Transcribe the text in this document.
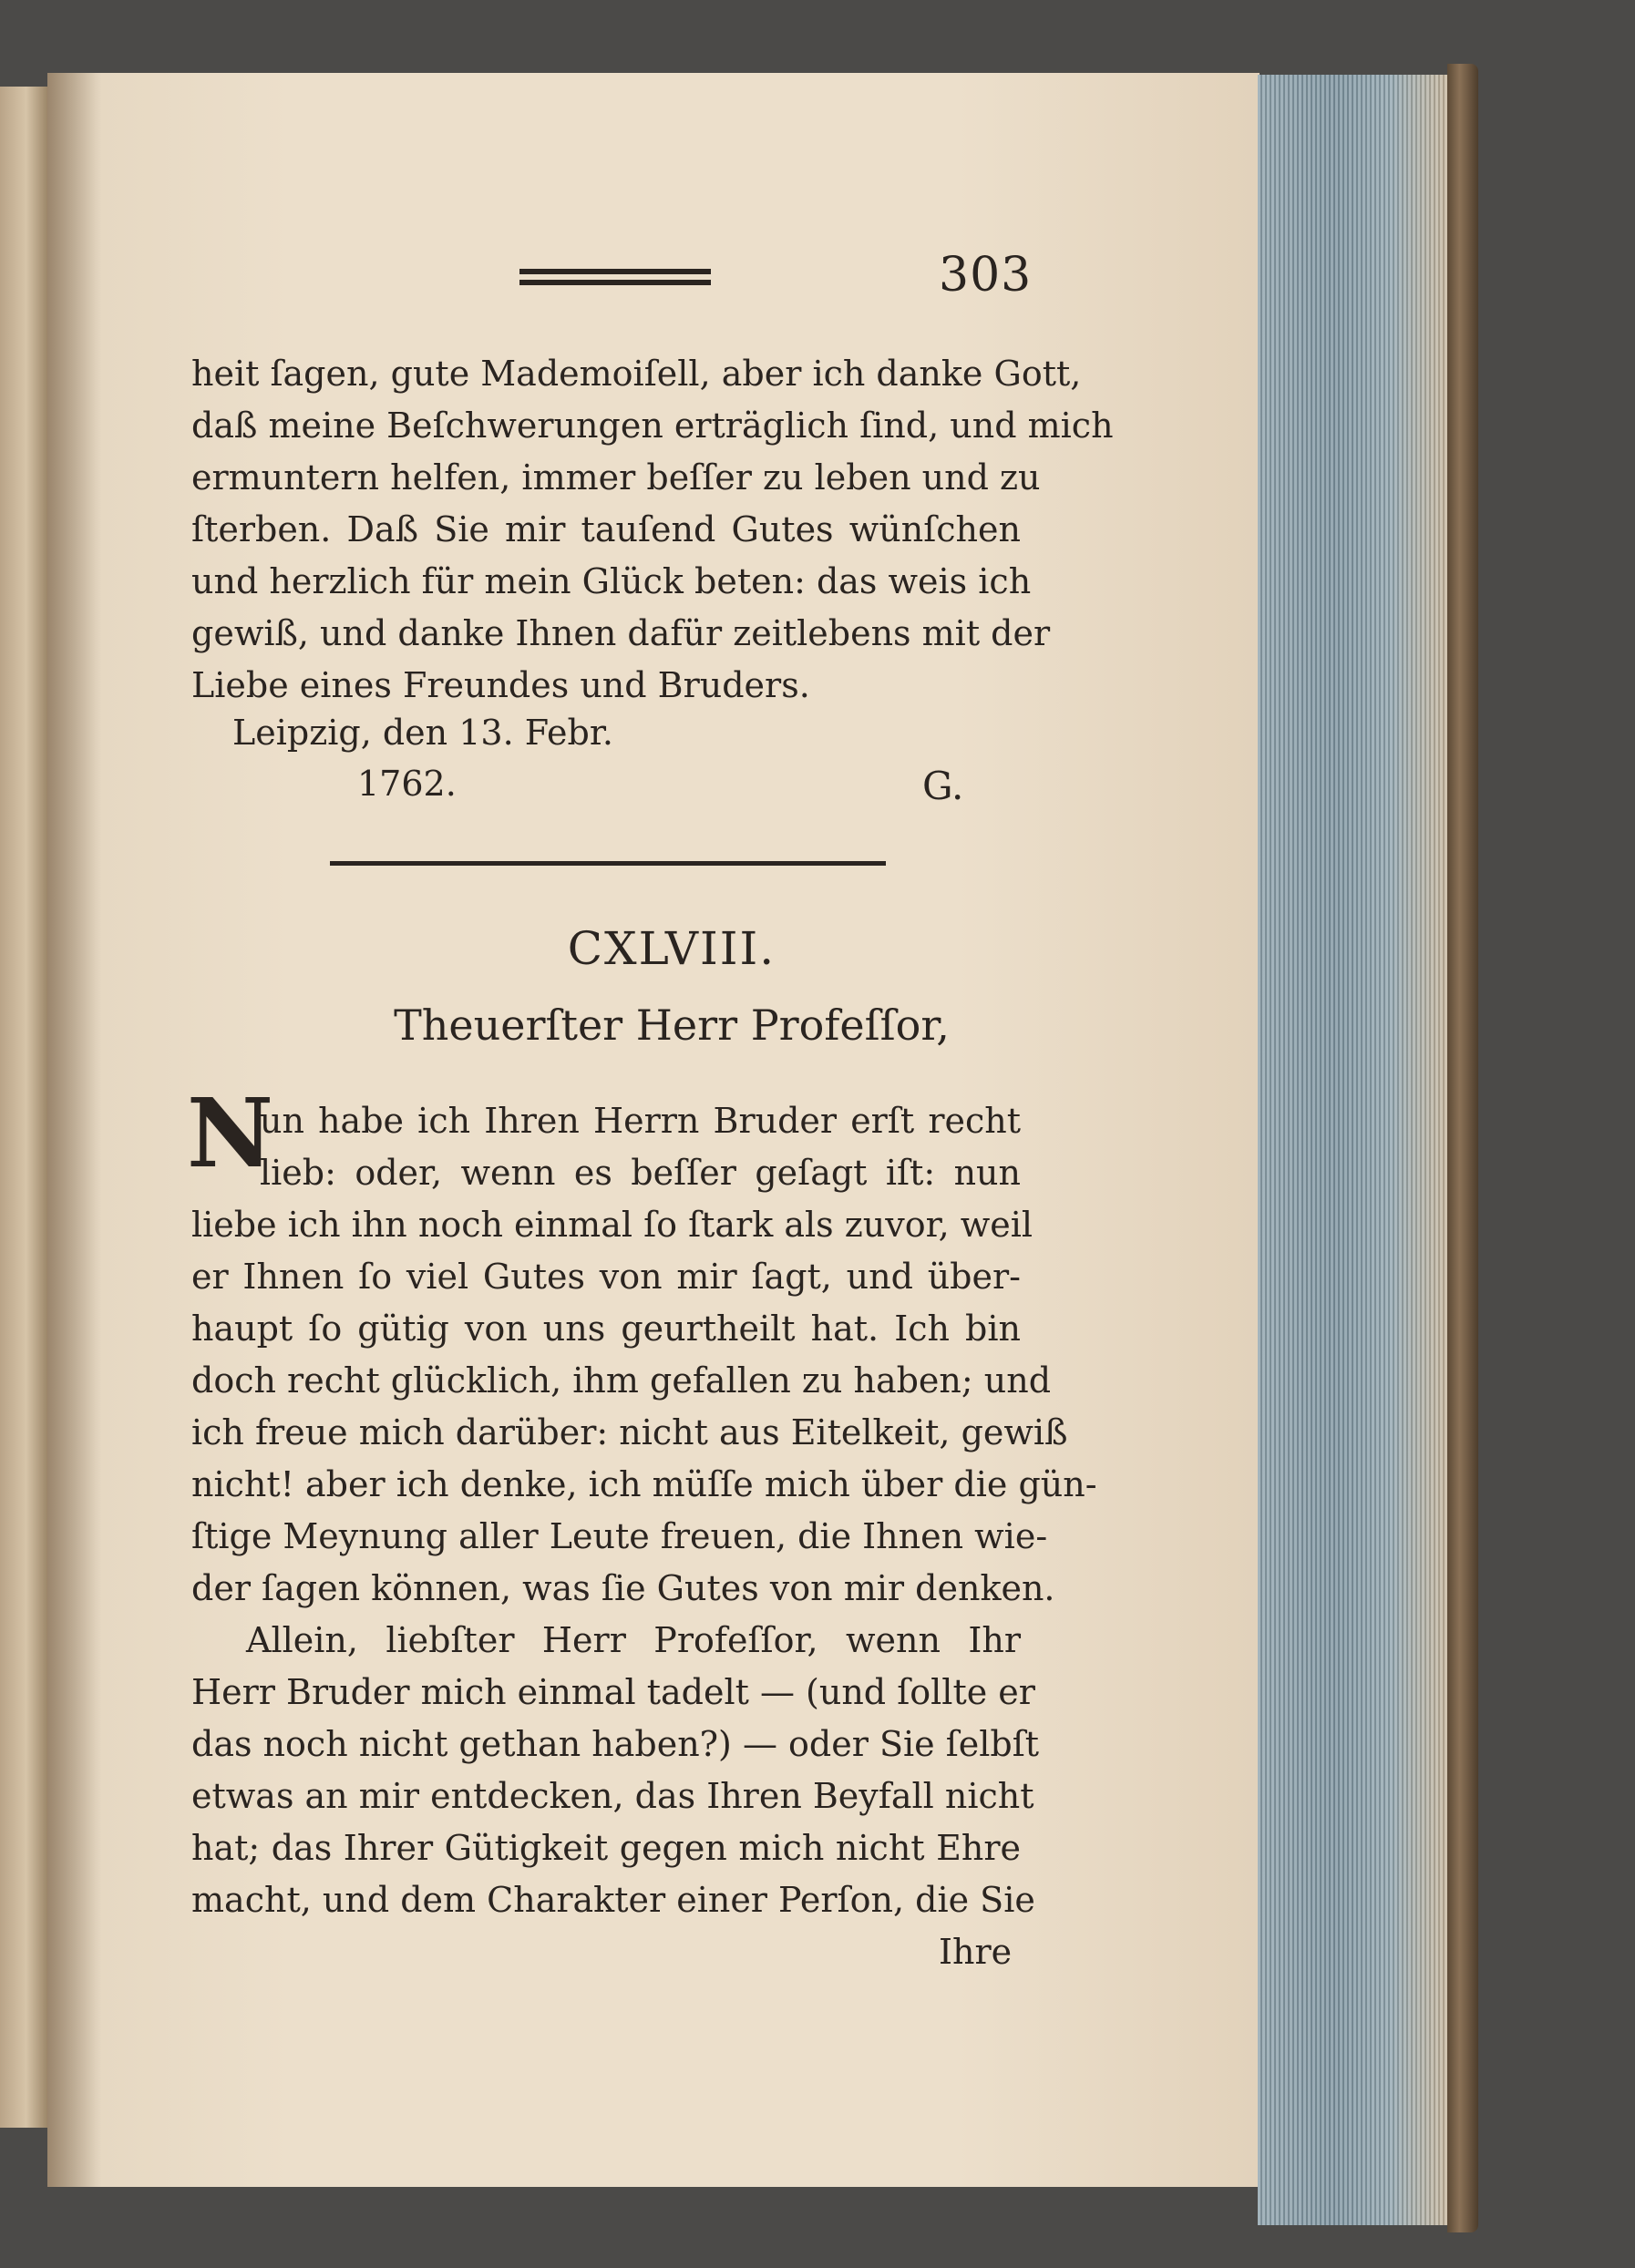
303
heit ſagen, gute Mademoiſell, aber ich danke Gott,
daß meine Beſchwerungen erträglich ſind, und mich
ermuntern helfen, immer beſſer zu leben und zu
ſterben. Daß Sie mir tauſend Gutes wünſchen
und herzlich für mein Glück beten: das weis ich
gewiß, und danke Ihnen dafür zeitlebens mit der
Liebe eines Freundes und Bruders.
Leipzig, den 13. Febr.
1762.	G.
CXLVIII.
Theuerſter Herr Profeſſor,
N
un habe ich Ihren Herrn Bruder erſt recht
lieb: oder, wenn es beſſer geſagt iſt: nun
liebe ich ihn noch einmal ſo ſtark als zuvor, weil
er Ihnen ſo viel Gutes von mir ſagt, und über-
haupt ſo gütig von uns geurtheilt hat. Ich bin
doch recht glücklich, ihm gefallen zu haben; und
ich freue mich darüber: nicht aus Eitelkeit, gewiß
nicht! aber ich denke, ich müſſe mich über die gün-
ſtige Meynung aller Leute freuen, die Ihnen wie-
der ſagen können, was ſie Gutes von mir denken.
Allein, liebſter Herr Profeſſor, wenn Ihr
Herr Bruder mich einmal tadelt — (und ſollte er
das noch nicht gethan haben?) — oder Sie ſelbſt
etwas an mir entdecken, das Ihren Beyfall nicht
hat; das Ihrer Gütigkeit gegen mich nicht Ehre
macht, und dem Charakter einer Perſon, die Sie
Ihre
